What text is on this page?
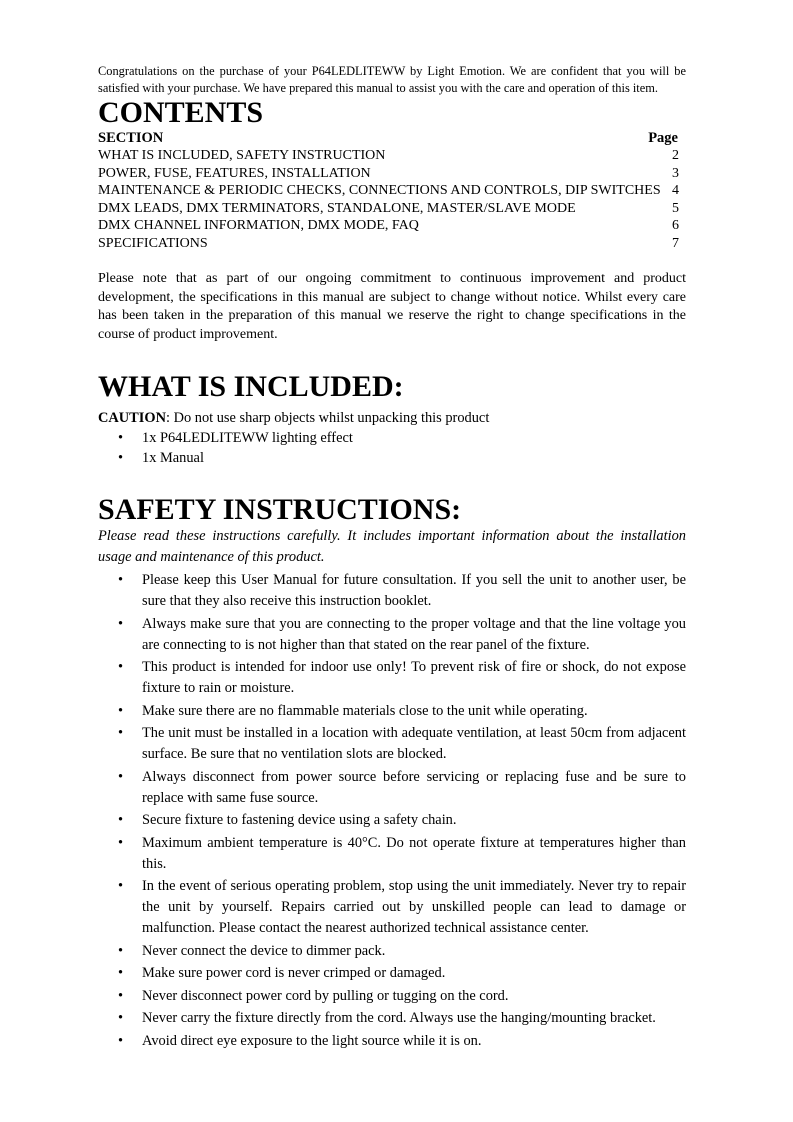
Congratulations on the purchase of your P64LEDLITEWW by Light Emotion. We are confident that you will be satisfied with your purchase. We have prepared this manual to assist you with the care and operation of this item.

CONTENTS
SECTION	Page
WHAT IS INCLUDED, SAFETY INSTRUCTION	2
POWER, FUSE, FEATURES, INSTALLATION	3
MAINTENANCE & PERIODIC CHECKS, CONNECTIONS AND CONTROLS, DIP SWITCHES 4
DMX LEADS, DMX TERMINATORS, STANDALONE, MASTER/SLAVE MODE	5
DMX CHANNEL INFORMATION, DMX MODE, FAQ	6
SPECIFICATIONS	7

Please note that as part of our ongoing commitment to continuous improvement and product development, the specifications in this manual are subject to change without notice. Whilst every care has been taken in the preparation of this manual we reserve the right to change specifications in the course of product improvement.

WHAT IS INCLUDED:

CAUTION: Do not use sharp objects whilst unpacking this product

• 1x P64LEDLITEWW lighting effect
• 1x Manual
SAFETY INSTRUCTIONS:

Please read these instructions carefully. It includes important information about the installation usage and maintenance of this product.

• Please keep this User Manual for future consultation. If you sell the unit to another user, be sure that they also receive this instruction booklet.
• Always make sure that you are connecting to the proper voltage and that the line voltage you are connecting to is not higher than that stated on the rear panel of the fixture.
• This product is intended for indoor use only! To prevent risk of fire or shock, do not expose fixture to rain or moisture.
• Make sure there are no flammable materials close to the unit while operating.
• The unit must be installed in a location with adequate ventilation, at least 50cm from adjacent surface. Be sure that no ventilation slots are blocked.
• Always disconnect from power source before servicing or replacing fuse and be sure to replace with same fuse source.
• Secure fixture to fastening device using a safety chain.
• Maximum ambient temperature is 40°C. Do not operate fixture at temperatures higher than this.
• In the event of serious operating problem, stop using the unit immediately. Never try to repair the unit by yourself. Repairs carried out by unskilled people can lead to damage or malfunction. Please contact the nearest authorized technical assistance center.
• Never connect the device to dimmer pack.
• Make sure power cord is never crimped or damaged.
• Never disconnect power cord by pulling or tugging on the cord.
• Never carry the fixture directly from the cord. Always use the hanging/mounting bracket.
• Avoid direct eye exposure to the light source while it is on.
